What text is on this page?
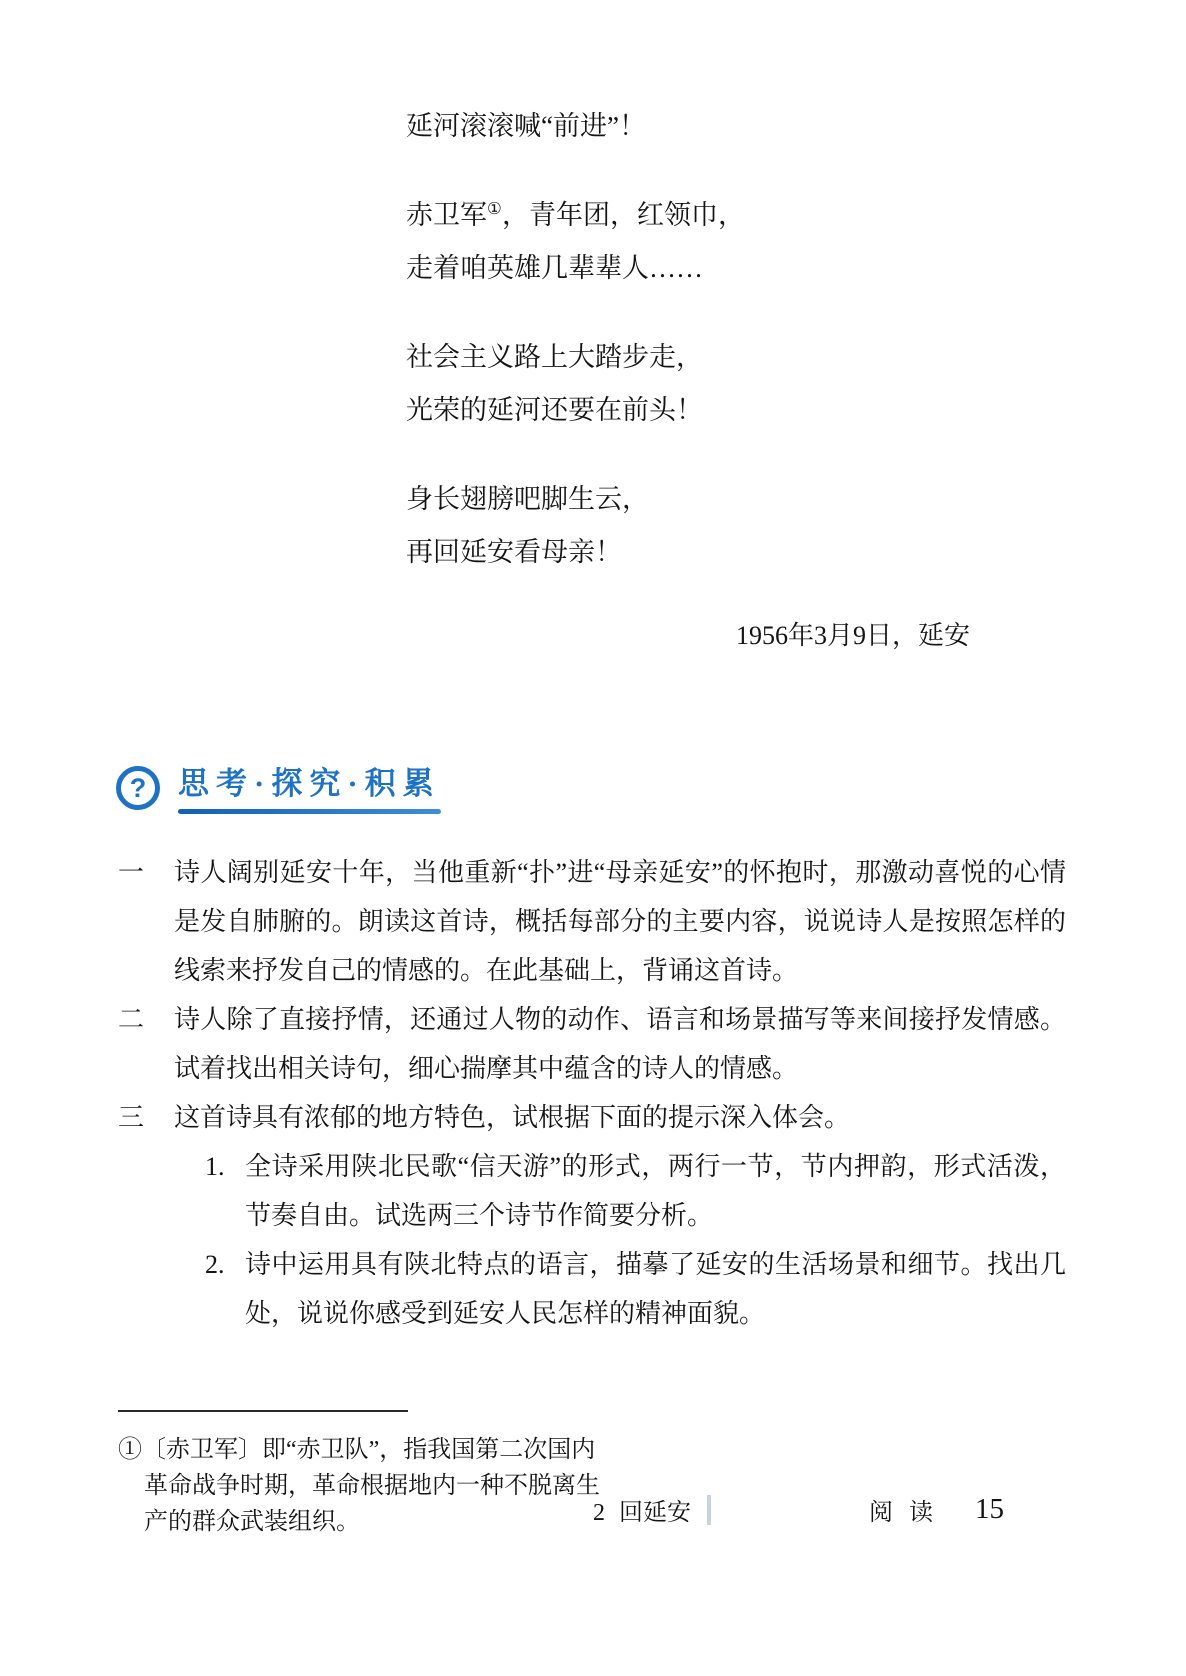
延河滚滚喊“前进”！

赤卫军①，青年团，红领巾，

走着咱英雄几辈辈人……

社会主义路上大踏步走，

光荣的延河还要在前头！

身长翅膀吧脚生云，

再回延安看母亲！

1956年3月9日，延安

?	思考·探究·积累
一	诗人阔别延安十年，当他重新“扑”进“母亲延安”的怀抱时，那激动喜悦的心情是发自肺腑的。朗读这首诗，概括每部分的主要内容，说说诗人是按照怎样的线索来抒发自己的情感的。在此基础上，背诵这首诗。
二	诗人除了直接抒情，还通过人物的动作、语言和场景描写等来间接抒发情感。试着找出相关诗句，细心揣摩其中蕴含的诗人的情感。
三	这首诗具有浓郁的地方特色，试根据下面的提示深入体会。
1. 全诗采用陕北民歌“信天游”的形式，两行一节，节内押韵，形式活泼，节奏自由。试选两三个诗节作简要分析。
2. 诗中运用具有陕北特点的语言，描摹了延安的生活场景和细节。找出几处，说说你感受到延安人民怎样的精神面貌。

①〔赤卫军〕即“赤卫队”，指我国第二次国内

革命战争时期，革命根据地内一种不脱离生

产的群众武装组织。	2 回延安	阅读 15
